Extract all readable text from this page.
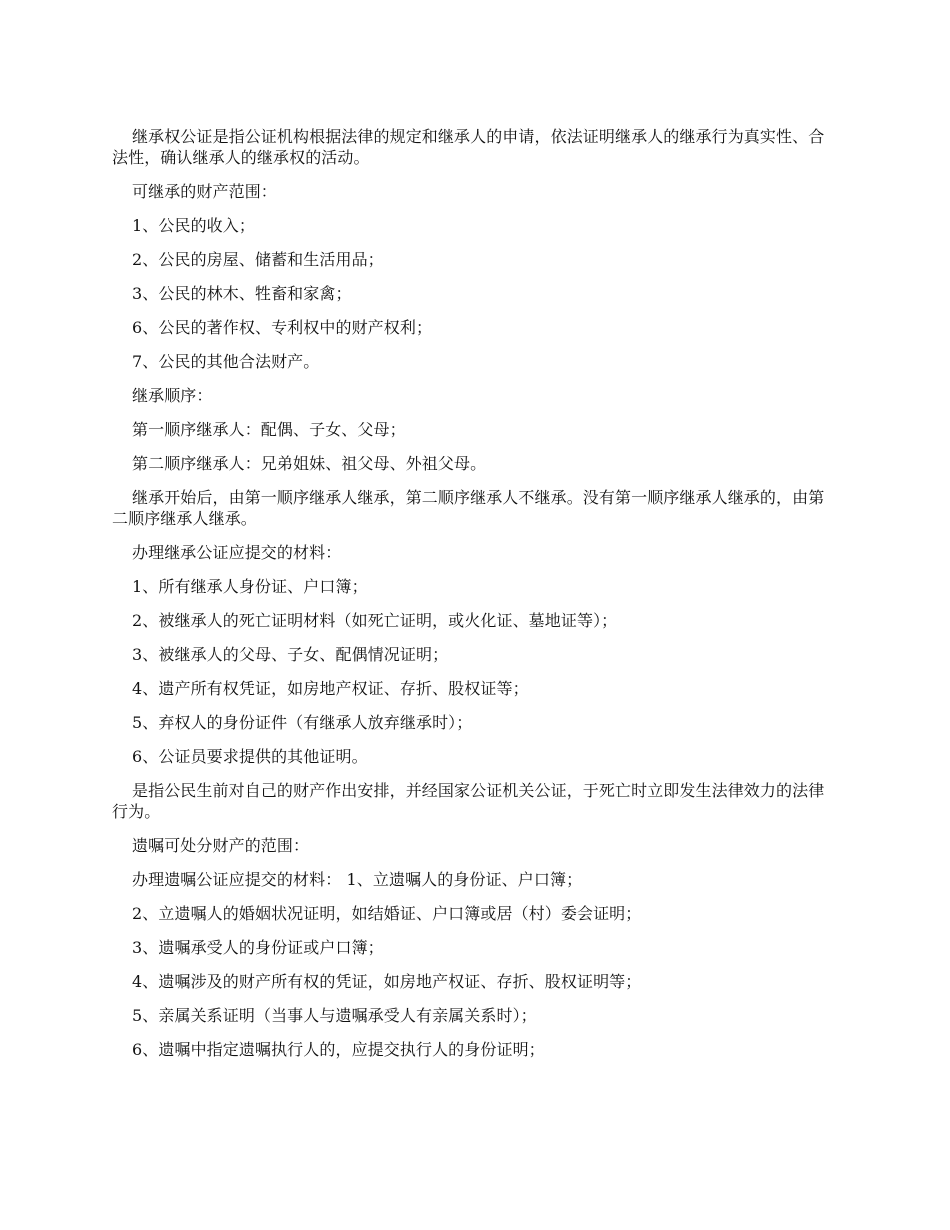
继承权公证是指公证机构根据法律的规定和继承人的申请，依法证明继承人的继承行为真实性、合法性，确认继承人的继承权的活动。

可继承的财产范围：

1、公民的收入；

2、公民的房屋、储蓄和生活用品；

3、公民的林木、牲畜和家禽；

6、公民的著作权、专利权中的财产权利；

7、公民的其他合法财产。

继承顺序：

第一顺序继承人：配偶、子女、父母；

第二顺序继承人：兄弟姐妹、祖父母、外祖父母。

继承开始后，由第一顺序继承人继承，第二顺序继承人不继承。没有第一顺序继承人继承的，由第二顺序继承人继承。

办理继承公证应提交的材料：

1、所有继承人身份证、户口簿；

2、被继承人的死亡证明材料（如死亡证明，或火化证、墓地证等）；

3、被继承人的父母、子女、配偶情况证明；

4、遗产所有权凭证，如房地产权证、存折、股权证等；

5、弃权人的身份证件（有继承人放弃继承时）；

6、公证员要求提供的其他证明。

是指公民生前对自己的财产作出安排，并经国家公证机关公证，于死亡时立即发生法律效力的法律行为。

遗嘱可处分财产的范围：

办理遗嘱公证应提交的材料： 1、立遗嘱人的身份证、户口簿；

2、立遗嘱人的婚姻状况证明，如结婚证、户口簿或居（村）委会证明；

3、遗嘱承受人的身份证或户口簿；

4、遗嘱涉及的财产所有权的凭证，如房地产权证、存折、股权证明等；

5、亲属关系证明（当事人与遗嘱承受人有亲属关系时）；

6、遗嘱中指定遗嘱执行人的，应提交执行人的身份证明；
